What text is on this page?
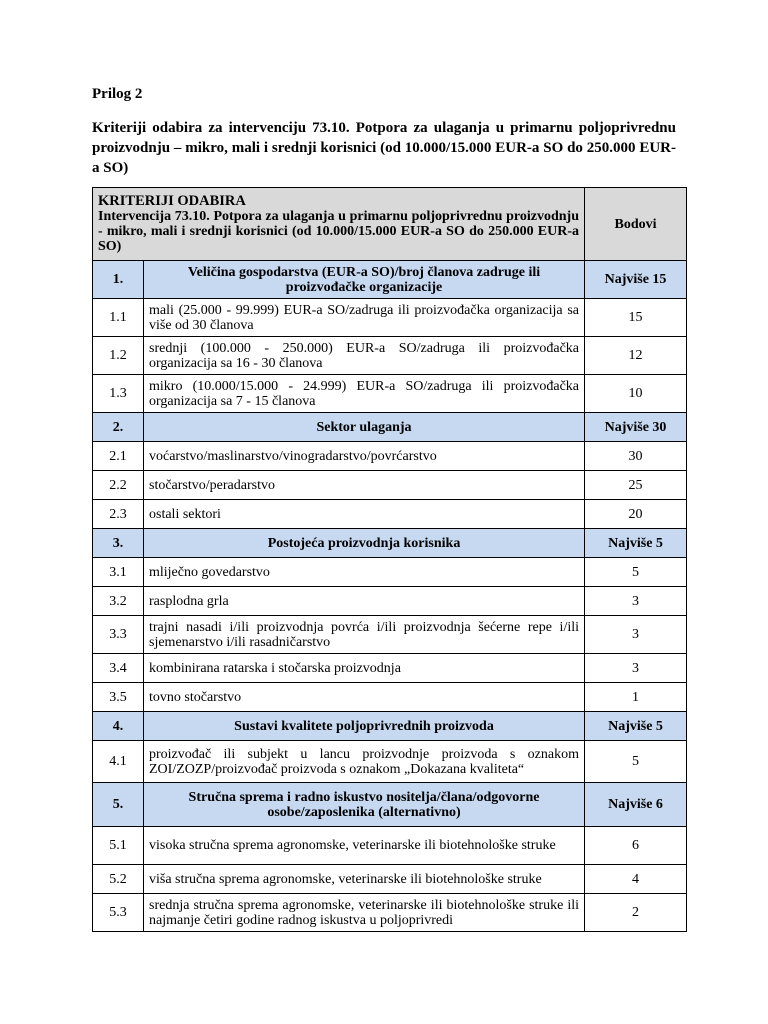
Prilog 2
Kriteriji odabira za intervenciju 73.10. Potpora za ulaganja u primarnu poljoprivrednu proizvodnju – mikro, mali i srednji korisnici (od 10.000/15.000 EUR-a SO do 250.000 EUR-a SO)
KRITERIJI ODABIRA
Intervencija 73.10. Potpora za ulaganja u primarnu poljoprivrednu proizvodnju - mikro, mali i srednji korisnici (od 10.000/15.000 EUR-a SO do 250.000 EUR-a SO)		Bodovi
1.	Veličina gospodarstva (EUR-a SO)/broj članova zadruge ili proizvođačke organizacije	Najviše 15
1.1	mali (25.000 - 99.999) EUR-a SO/zadruga ili proizvođačka organizacija sa više od 30 članova	15
1.2	srednji (100.000 - 250.000) EUR-a SO/zadruga ili proizvođačka organizacija sa 16 - 30 članova	12
1.3	mikro (10.000/15.000 - 24.999) EUR-a SO/zadruga ili proizvođačka organizacija sa 7 - 15 članova	10
2.	Sektor ulaganja	Najviše 30
2.1	voćarstvo/maslinarstvo/vinogradarstvo/povrćarstvo	30
2.2	stočarstvo/peradarstvo	25
2.3	ostali sektori	20
3.	Postojeća proizvodnja korisnika	Najviše 5
3.1	mliječno govedarstvo	5
3.2	rasplodna grla	3
3.3	trajni nasadi i/ili proizvodnja povrća i/ili proizvodnja šećerne repe i/ili sjemenarstvo i/ili rasadničarstvo	3
3.4	kombinirana ratarska i stočarska proizvodnja	3
3.5	tovno stočarstvo	1
4.	Sustavi kvalitete poljoprivrednih proizvoda	Najviše 5
4.1	proizvođač ili subjekt u lancu proizvodnje proizvoda s oznakom ZOI/ZOZP/proizvođač proizvoda s oznakom „Dokazana kvaliteta“	5
5.	Stručna sprema i radno iskustvo nositelja/člana/odgovorne osobe/zaposlenika (alternativno)	Najviše 6
5.1	visoka stručna sprema agronomske, veterinarske ili biotehnološke struke	6
5.2	viša stručna sprema agronomske, veterinarske ili biotehnološke struke	4
5.3	srednja stručna sprema agronomske, veterinarske ili biotehnološke struke ili najmanje četiri godine radnog iskustva u poljoprivredi	2
